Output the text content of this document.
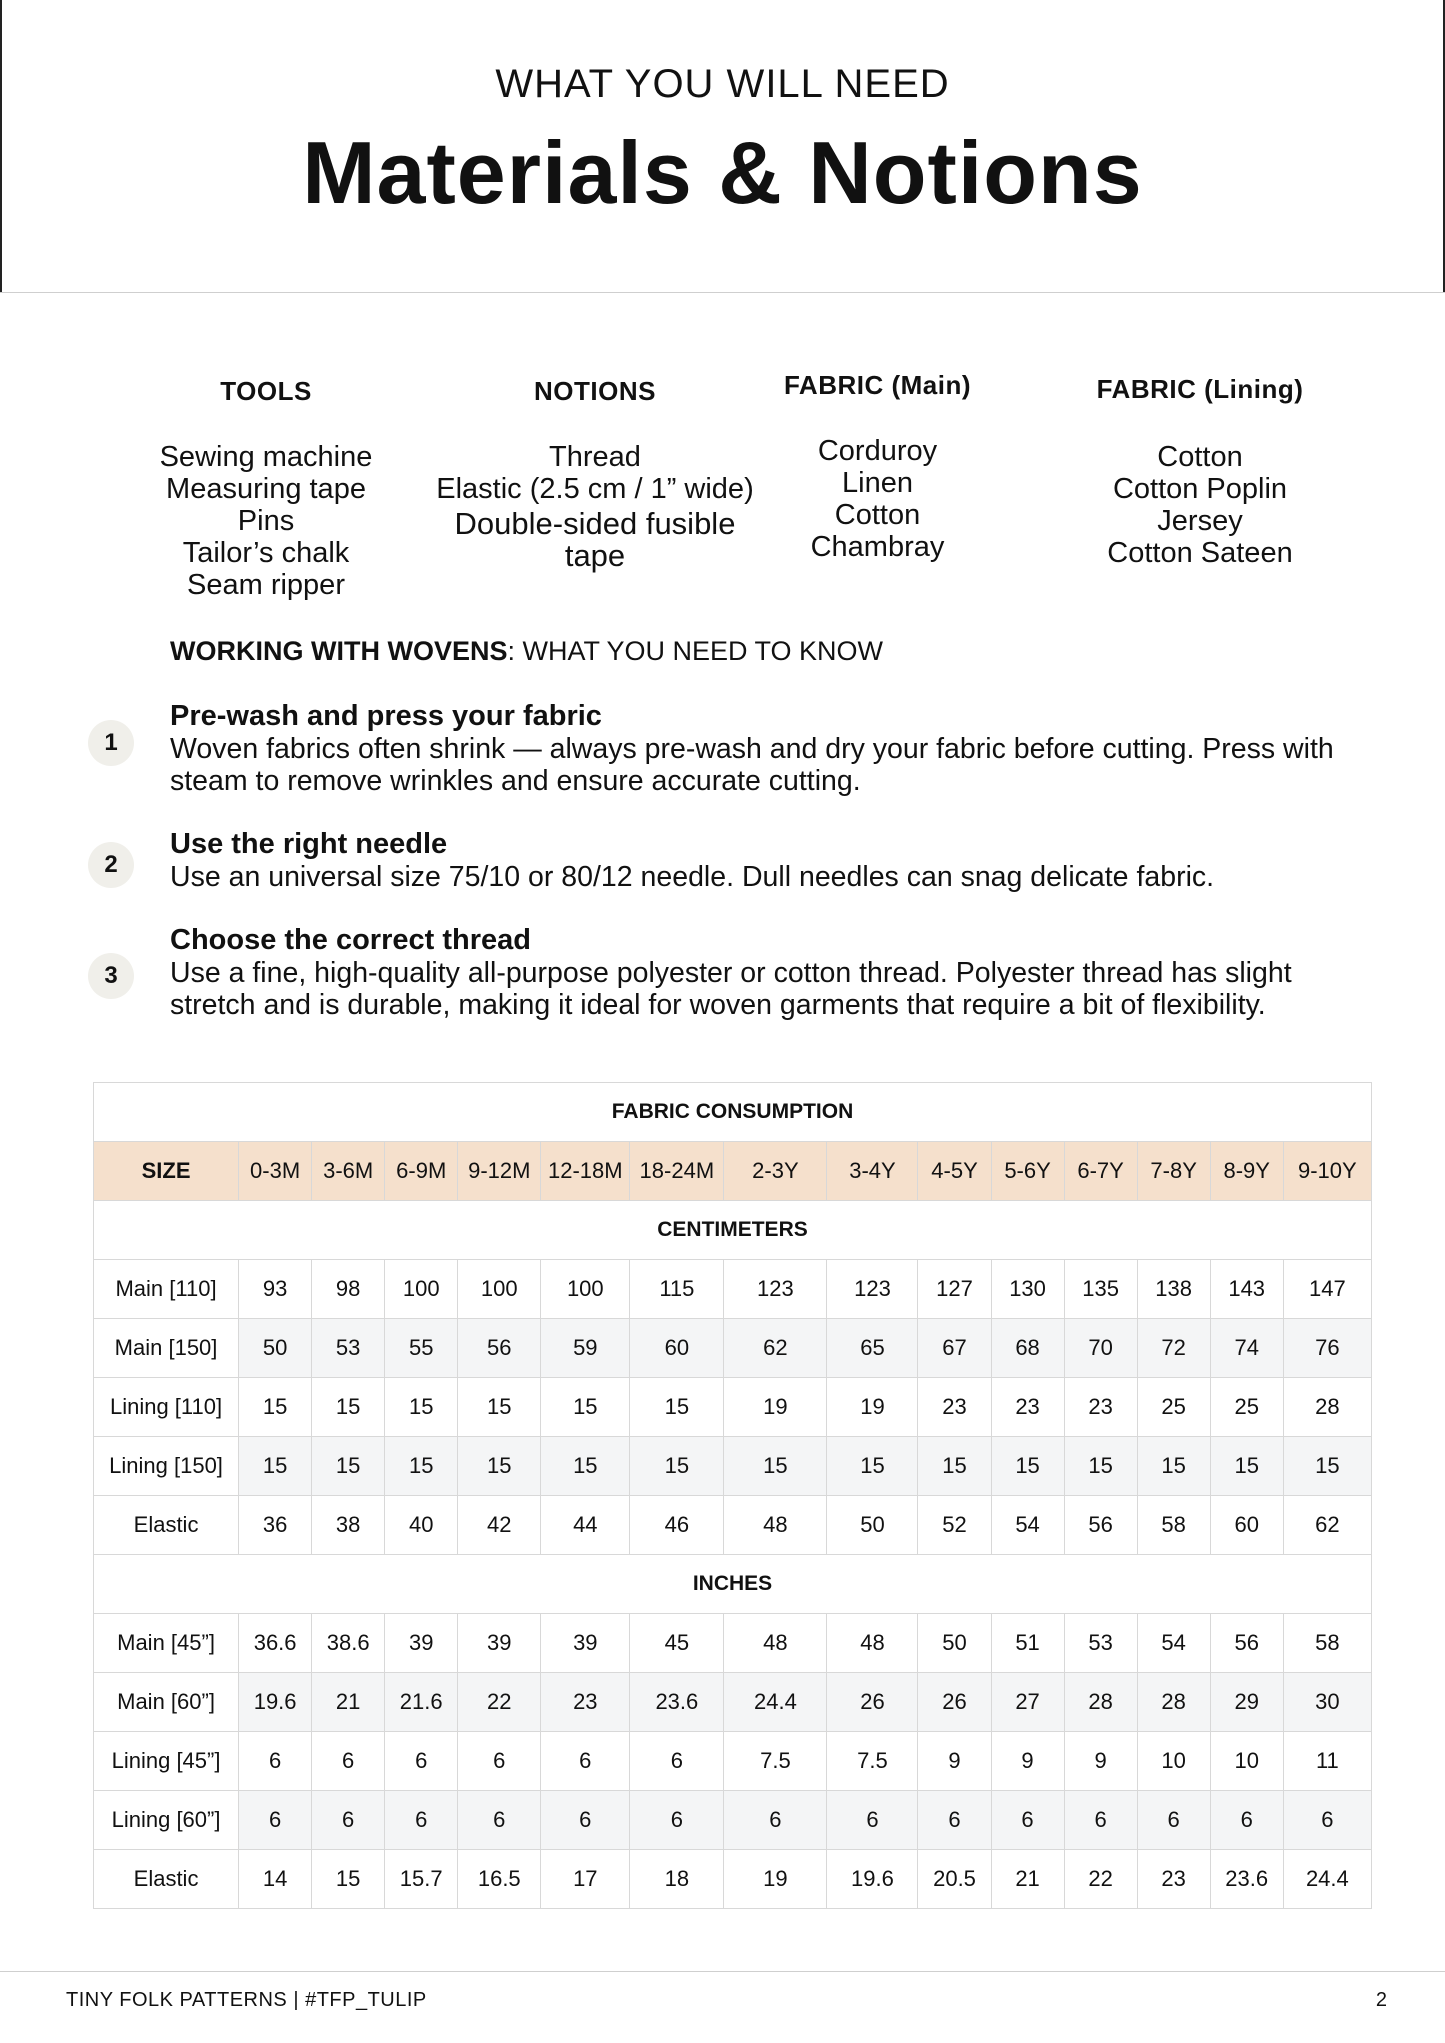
WHAT YOU WILL NEED
Materials & Notions
TOOLS
Sewing machine
Measuring tape
Pins
Tailor’s chalk
Seam ripper
NOTIONS
Thread
Elastic (2.5 cm / 1” wide)
Double-sided fusible
tape
FABRIC (Main)
Corduroy
Linen
Cotton
Chambray
FABRIC (Lining)
Cotton
Cotton Poplin
Jersey
Cotton Sateen
WORKING WITH WOVENS: WHAT YOU NEED TO KNOW
1
Pre-wash and press your fabric
Woven fabrics often shrink — always pre-wash and dry your fabric before cutting. Press with steam to remove wrinkles and ensure accurate cutting.
2
Use the right needle
Use an universal size 75/10 or 80/12 needle. Dull needles can snag delicate fabric.
3
Choose the correct thread
Use a fine, high-quality all-purpose polyester or cotton thread. Polyester thread has slight stretch and is durable, making it ideal for woven garments that require a bit of flexibility.
FABRIC CONSUMPTION														
SIZE	0-3M	3-6M	6-9M	9-12M	12-18M	18-24M	2-3Y	3-4Y	4-5Y	5-6Y	6-7Y	7-8Y	8-9Y	9-10Y
CENTIMETERS														
Main [110]	93	98	100	100	100	115	123	123	127	130	135	138	143	147
Main [150]	50	53	55	56	59	60	62	65	67	68	70	72	74	76
Lining [110]	15	15	15	15	15	15	19	19	23	23	23	25	25	28
Lining [150]	15	15	15	15	15	15	15	15	15	15	15	15	15	15
Elastic	36	38	40	42	44	46	48	50	52	54	56	58	60	62
INCHES														
Main [45”]	36.6	38.6	39	39	39	45	48	48	50	51	53	54	56	58
Main [60”]	19.6	21	21.6	22	23	23.6	24.4	26	26	27	28	28	29	30
Lining [45”]	6	6	6	6	6	6	7.5	7.5	9	9	9	10	10	11
Lining [60”]	6	6	6	6	6	6	6	6	6	6	6	6	6	6
Elastic	14	15	15.7	16.5	17	18	19	19.6	20.5	21	22	23	23.6	24.4
TINY FOLK PATTERNS | #TFP_TULIP	2
